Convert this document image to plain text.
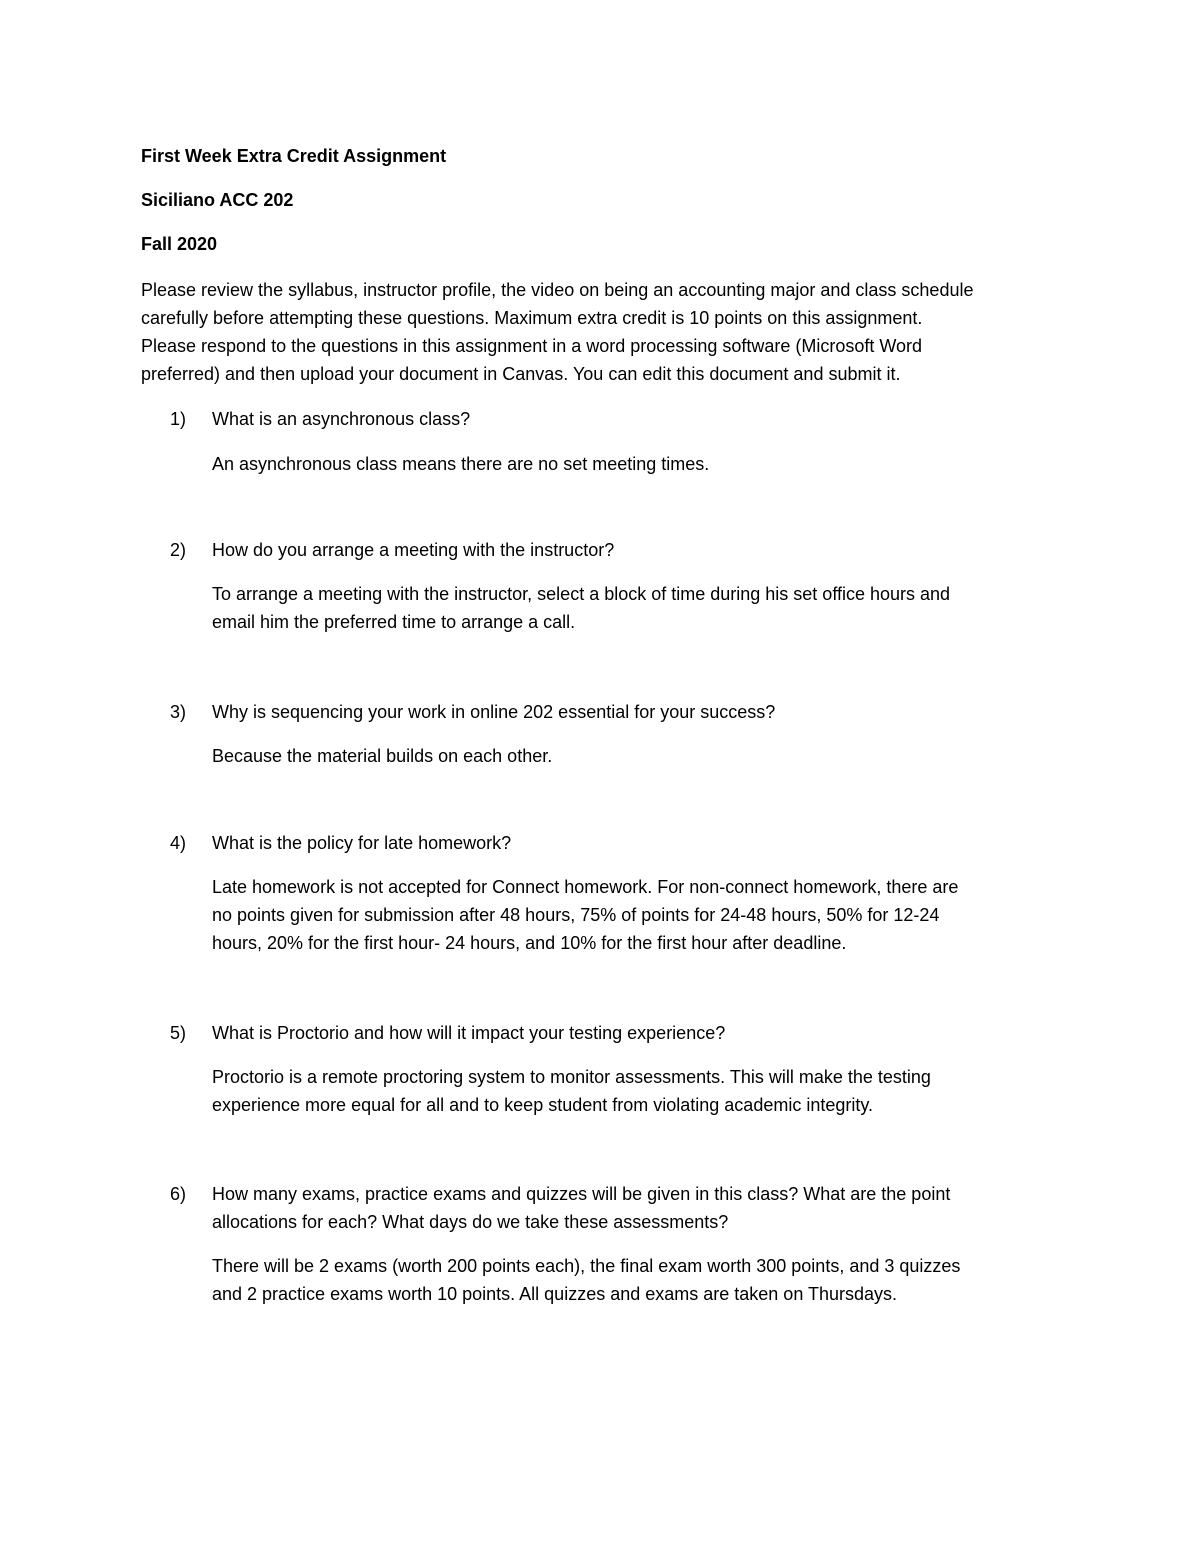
First Week Extra Credit Assignment
Siciliano ACC 202
Fall 2020
Please review the syllabus, instructor profile, the video on being an accounting major and class schedule
carefully before attempting these questions. Maximum extra credit is 10 points on this assignment.
Please respond to the questions in this assignment in a word processing software (Microsoft Word
preferred) and then upload your document in Canvas. You can edit this document and submit it.
1) What is an asynchronous class?
An asynchronous class means there are no set meeting times.
2) How do you arrange a meeting with the instructor?
To arrange a meeting with the instructor, select a block of time during his set office hours and
email him the preferred time to arrange a call.
3) Why is sequencing your work in online 202 essential for your success?
Because the material builds on each other.
4) What is the policy for late homework?
Late homework is not accepted for Connect homework. For non-connect homework, there are
no points given for submission after 48 hours, 75% of points for 24-48 hours, 50% for 12-24
hours, 20% for the first hour- 24 hours, and 10% for the first hour after deadline.
5) What is Proctorio and how will it impact your testing experience?
Proctorio is a remote proctoring system to monitor assessments. This will make the testing
experience more equal for all and to keep student from violating academic integrity.
6) How many exams, practice exams and quizzes will be given in this class? What are the point
allocations for each? What days do we take these assessments?
There will be 2 exams (worth 200 points each), the final exam worth 300 points, and 3 quizzes
and 2 practice exams worth 10 points. All quizzes and exams are taken on Thursdays.
